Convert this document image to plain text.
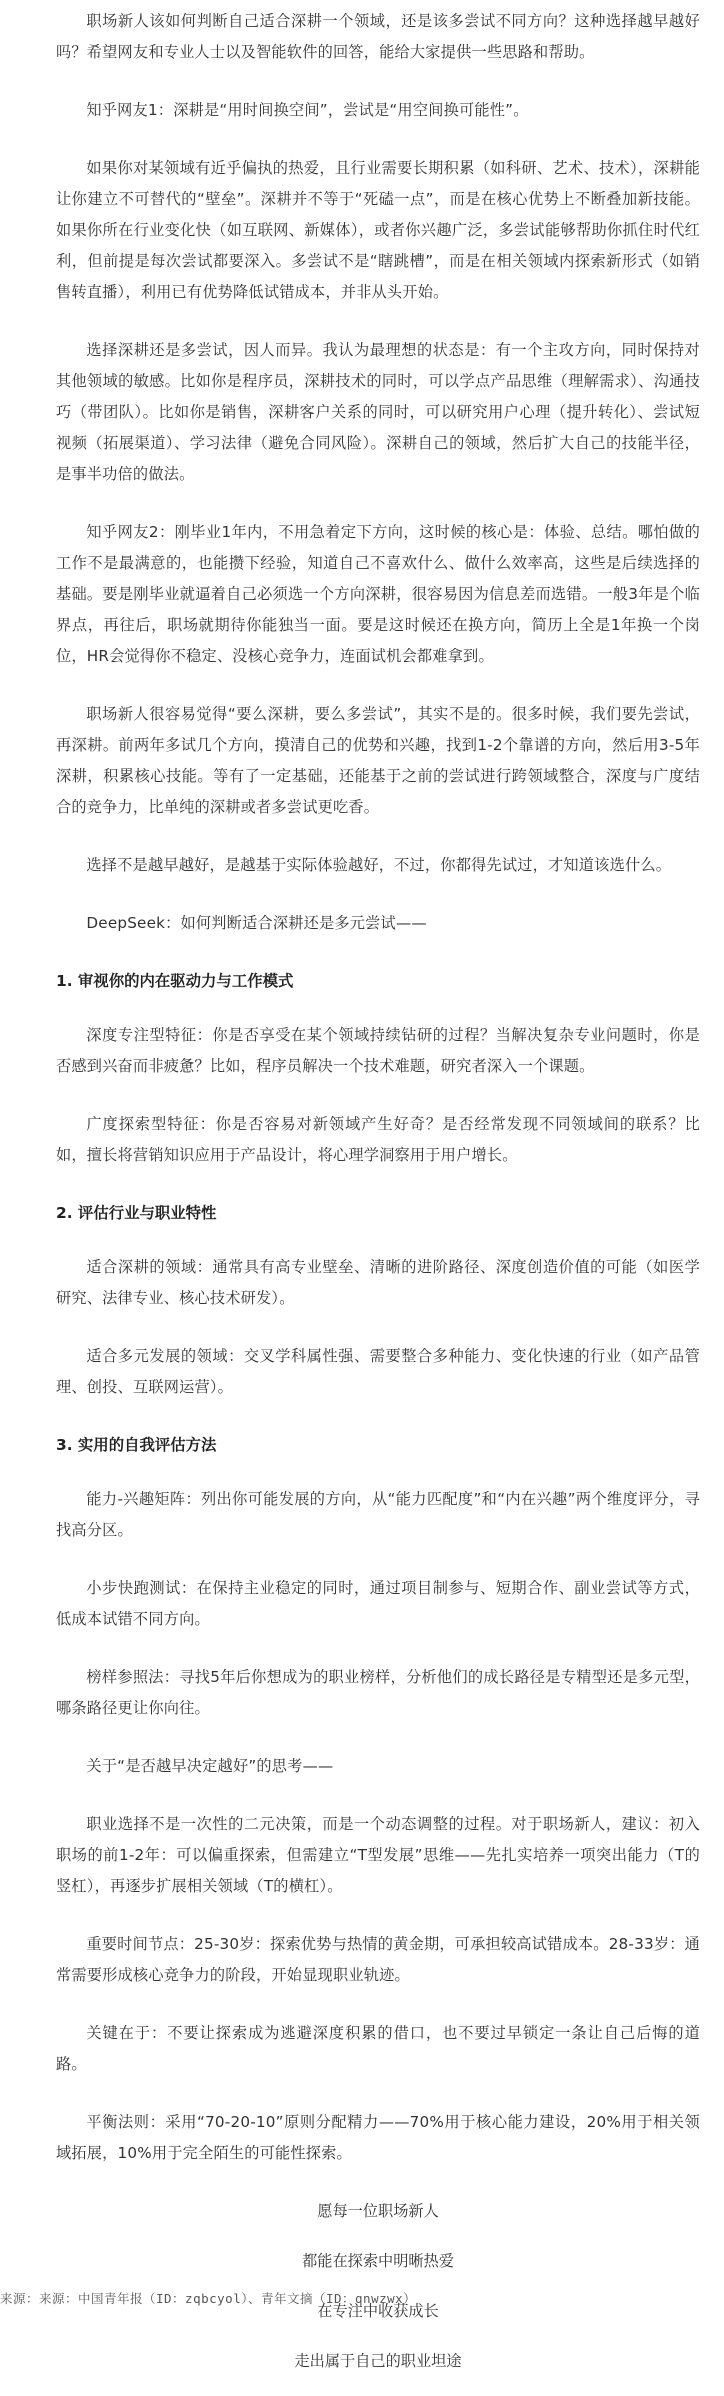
职场新人该如何判断自己适合深耕一个领域，还是该多尝试不同方向？这种选择越早越好吗？希望网友和专业人士以及智能软件的回答，能给大家提供一些思路和帮助。

知乎网友1：深耕是“用时间换空间”，尝试是“用空间换可能性”。

如果你对某领域有近乎偏执的热爱，且行业需要长期积累（如科研、艺术、技术），深耕能让你建立不可替代的“壁垒”。深耕并不等于“死磕一点”，而是在核心优势上不断叠加新技能。如果你所在行业变化快（如互联网、新媒体），或者你兴趣广泛，多尝试能够帮助你抓住时代红利，但前提是每次尝试都要深入。多尝试不是“瞎跳槽”，而是在相关领域内探索新形式（如销售转直播），利用已有优势降低试错成本，并非从头开始。

选择深耕还是多尝试，因人而异。我认为最理想的状态是：有一个主攻方向，同时保持对其他领域的敏感。比如你是程序员，深耕技术的同时，可以学点产品思维（理解需求）、沟通技巧（带团队）。比如你是销售，深耕客户关系的同时，可以研究用户心理（提升转化）、尝试短视频（拓展渠道）、学习法律（避免合同风险）。深耕自己的领域，然后扩大自己的技能半径，是事半功倍的做法。

知乎网友2：刚毕业1年内，不用急着定下方向，这时候的核心是：体验、总结。哪怕做的工作不是最满意的，也能攒下经验，知道自己不喜欢什么、做什么效率高，这些是后续选择的基础。要是刚毕业就逼着自己必须选一个方向深耕，很容易因为信息差而选错。一般3年是个临界点，再往后，职场就期待你能独当一面。要是这时候还在换方向，简历上全是1年换一个岗位，HR会觉得你不稳定、没核心竞争力，连面试机会都难拿到。

职场新人很容易觉得“要么深耕，要么多尝试”，其实不是的。很多时候，我们要先尝试，再深耕。前两年多试几个方向，摸清自己的优势和兴趣，找到1-2个靠谱的方向，然后用3-5年深耕，积累核心技能。等有了一定基础，还能基于之前的尝试进行跨领域整合，深度与广度结合的竞争力，比单纯的深耕或者多尝试更吃香。

选择不是越早越好，是越基于实际体验越好，不过，你都得先试过，才知道该选什么。

DeepSeek：如何判断适合深耕还是多元尝试——

1. 审视你的内在驱动力与工作模式

深度专注型特征：你是否享受在某个领域持续钻研的过程？当解决复杂专业问题时，你是否感到兴奋而非疲惫？比如，程序员解决一个技术难题，研究者深入一个课题。

广度探索型特征：你是否容易对新领域产生好奇？是否经常发现不同领域间的联系？比如，擅长将营销知识应用于产品设计，将心理学洞察用于用户增长。

2. 评估行业与职业特性

适合深耕的领域：通常具有高专业壁垒、清晰的进阶路径、深度创造价值的可能（如医学研究、法律专业、核心技术研发）。

适合多元发展的领域：交叉学科属性强、需要整合多种能力、变化快速的行业（如产品管理、创投、互联网运营）。

3. 实用的自我评估方法

能力-兴趣矩阵：列出你可能发展的方向，从“能力匹配度”和“内在兴趣”两个维度评分，寻找高分区。

小步快跑测试：在保持主业稳定的同时，通过项目制参与、短期合作、副业尝试等方式，低成本试错不同方向。

榜样参照法：寻找5年后你想成为的职业榜样，分析他们的成长路径是专精型还是多元型，哪条路径更让你向往。

关于“是否越早决定越好”的思考——

职业选择不是一次性的二元决策，而是一个动态调整的过程。对于职场新人，建议：初入职场的前1-2年：可以偏重探索，但需建立“T型发展”思维——先扎实培养一项突出能力（T的竖杠），再逐步扩展相关领域（T的横杠）。

重要时间节点：25-30岁：探索优势与热情的黄金期，可承担较高试错成本。28-33岁：通常需要形成核心竞争力的阶段，开始显现职业轨迹。

关键在于：不要让探索成为逃避深度积累的借口，也不要过早锁定一条让自己后悔的道路。

平衡法则：采用“70-20-10”原则分配精力——70%用于核心能力建设，20%用于相关领域拓展，10%用于完全陌生的可能性探索。

愿每一位职场新人

都能在探索中明晰热爱

在专注中收获成长

走出属于自己的职业坦途

来源：来源：中国青年报（ID：zqbcyol）、青年文摘（ID：qnwzwx）
